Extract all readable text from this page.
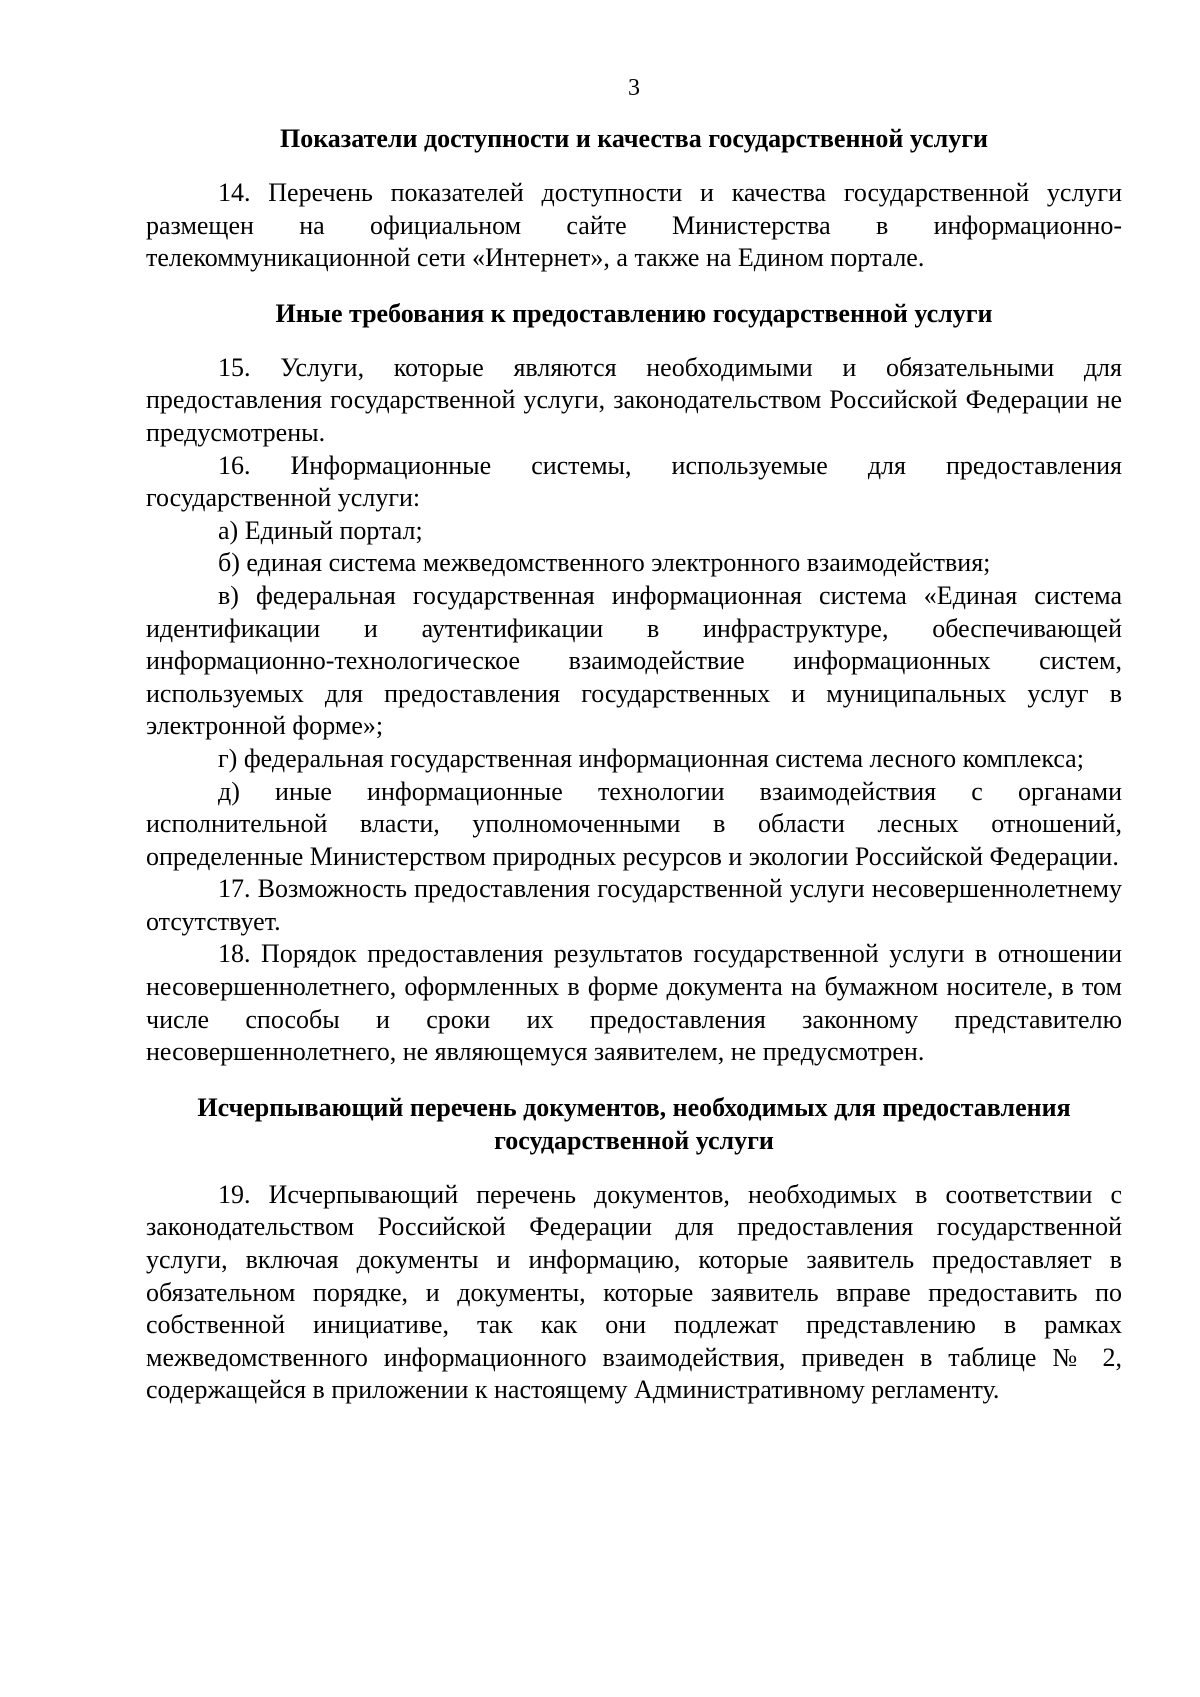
3
Показатели доступности и качества государственной услуги

14. Перечень показателей доступности и качества государственной услуги размещен на официальном сайте Министерства в информационно-телекоммуникационной сети «Интернет», а также на Едином портале.

Иные требования к предоставлению государственной услуги

15. Услуги, которые являются необходимыми и обязательными для предоставления государственной услуги, законодательством Российской Федерации не предусмотрены.

16. Информационные системы, используемые для предоставления государственной услуги:

а) Единый портал;

б) единая система межведомственного электронного взаимодействия;

в) федеральная государственная информационная система «Единая система идентификации и аутентификации в инфраструктуре, обеспечивающей информационно-технологическое взаимодействие информационных систем, используемых для предоставления государственных и муниципальных услуг в электронной форме»;

г) федеральная государственная информационная система лесного комплекса;

д) иные информационные технологии взаимодействия с органами исполнительной власти, уполномоченными в области лесных отношений, определенные Министерством природных ресурсов и экологии Российской Федерации.

17. Возможность предоставления государственной услуги несовершеннолетнему отсутствует.

18. Порядок предоставления результатов государственной услуги в отношении несовершеннолетнего, оформленных в форме документа на бумажном носителе, в том числе способы и сроки их предоставления законному представителю несовершеннолетнего, не являющемуся заявителем, не предусмотрен.

Исчерпывающий перечень документов, необходимых для предоставления
государственной услуги

19. Исчерпывающий перечень документов, необходимых в соответствии с законодательством Российской Федерации для предоставления государственной услуги, включая документы и информацию, которые заявитель предоставляет в обязательном порядке, и документы, которые заявитель вправе предоставить по собственной инициативе, так как они подлежат представлению в рамках межведомственного информационного взаимодействия, приведен в таблице № 2, содержащейся в приложении к настоящему Административному регламенту.
